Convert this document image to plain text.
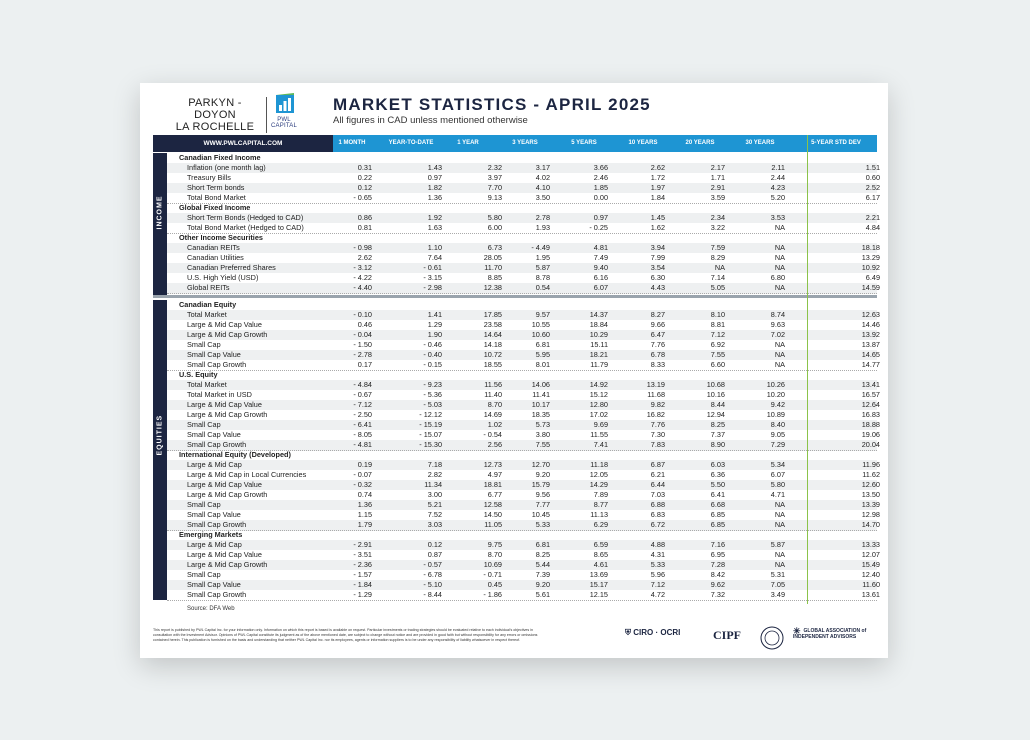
PARKYN - DOYON
LA ROCHELLE
PWL CAPITAL
MARKET STATISTICS - APRIL 2025
All figures in CAD unless mentioned otherwise
WWW.PWLCAPITAL.COM	1 MONTH	YEAR-TO-DATE	1 YEAR	3 YEARS	5 YEARS	10 YEARS	20 YEARS	30 YEARS	5-YEAR STD DEV
Canadian Fixed Income
Inflation (one month lag)	0.31	1.43	2.32	3.17	3.66	2.62	2.17	2.11	1.51
Treasury Bills	0.22	0.97	3.97	4.02	2.46	1.72	1.71	2.44	0.60
Short Term bonds	0.12	1.82	7.70	4.10	1.85	1.97	2.91	4.23	2.52
Total Bond Market	- 0.65	1.36	9.13	3.50	0.00	1.84	3.59	5.20	6.17
Global Fixed Income
Short Term Bonds (Hedged to CAD)	0.86	1.92	5.80	2.78	0.97	1.45	2.34	3.53	2.21
Total Bond Market (Hedged to CAD)	0.81	1.63	6.00	1.93	- 0.25	1.62	3.22	NA	4.84
Other Income Securities
Canadian REITs	- 0.98	1.10	6.73	- 4.49	4.81	3.94	7.59	NA	18.18
Canadian Utilities	2.62	7.64	28.05	1.95	7.49	7.99	8.29	NA	13.29
Canadian Preferred Shares	- 3.12	- 0.61	11.70	5.87	9.40	3.54	NA	NA	10.92
U.S. High Yield (USD)	- 4.22	- 3.15	8.85	8.78	6.16	6.30	7.14	6.80	6.49
Global REITs	- 4.40	- 2.98	12.38	0.54	6.07	4.43	5.05	NA	14.59
Canadian Equity
Total Market	- 0.10	1.41	17.85	9.57	14.37	8.27	8.10	8.74	12.63
Large & Mid Cap Value	0.46	1.29	23.58	10.55	18.84	9.66	8.81	9.63	14.46
Large & Mid Cap Growth	- 0.04	1.90	14.64	10.60	10.29	6.47	7.12	7.02	13.92
Small Cap	- 1.50	- 0.46	14.18	6.81	15.11	7.76	6.92	NA	13.87
Small Cap Value	- 2.78	- 0.40	10.72	5.95	18.21	6.78	7.55	NA	14.65
Small Cap Growth	0.17	- 0.15	18.55	8.01	11.79	8.33	6.60	NA	14.77
U.S. Equity
Total Market	- 4.84	- 9.23	11.56	14.06	14.92	13.19	10.68	10.26	13.41
Total Market in USD	- 0.67	- 5.36	11.40	11.41	15.12	11.68	10.16	10.20	16.57
Large & Mid Cap Value	- 7.12	- 5.03	8.70	10.17	12.80	9.82	8.44	9.42	12.64
Large & Mid Cap Growth	- 2.50	- 12.12	14.69	18.35	17.02	16.82	12.94	10.89	16.83
Small Cap	- 6.41	- 15.19	1.02	5.73	9.69	7.76	8.25	8.40	18.88
Small Cap Value	- 8.05	- 15.07	- 0.54	3.80	11.55	7.30	7.37	9.05	19.06
Small Cap Growth	- 4.81	- 15.30	2.56	7.55	7.41	7.83	8.90	7.29	20.04
International Equity (Developed)
Large & Mid Cap	0.19	7.18	12.73	12.70	11.18	6.87	6.03	5.34	11.96
Large & Mid Cap in Local Currencies	- 0.07	2.82	4.97	9.20	12.05	6.21	6.36	6.07	11.62
Large & Mid Cap Value	- 0.32	11.34	18.81	15.79	14.29	6.44	5.50	5.80	12.60
Large & Mid Cap Growth	0.74	3.00	6.77	9.56	7.89	7.03	6.41	4.71	13.50
Small Cap	1.36	5.21	12.58	7.77	8.77	6.88	6.68	NA	13.39
Small Cap Value	1.15	7.52	14.50	10.45	11.13	6.83	6.85	NA	12.98
Small Cap Growth	1.79	3.03	11.05	5.33	6.29	6.72	6.85	NA	14.70
Emerging Markets
Large & Mid Cap	- 2.91	0.12	9.75	6.81	6.59	4.88	7.16	5.87	13.33
Large & Mid Cap Value	- 3.51	0.87	8.70	8.25	8.65	4.31	6.95	NA	12.07
Large & Mid Cap Growth	- 2.36	- 0.57	10.69	5.44	4.61	5.33	7.28	NA	15.49
Small Cap	- 1.57	- 6.78	- 0.71	7.39	13.69	5.96	8.42	5.31	12.40
Small Cap Value	- 1.84	- 5.10	0.45	9.20	15.17	7.12	9.62	7.05	11.60
Small Cap Growth	- 1.29	- 8.44	- 1.86	5.61	12.15	4.72	7.32	3.49	13.61
INCOME
EQUITIES
Source: DFA Web
This report is published by PWL Capital Inc. for your information only. Information on which this report is based is available on request. Particular investments or trading strategies should be evaluated relative to each individual's objectives in consultation with the Investment Advisor. Opinions of PWL Capital constitute its judgment as of the above mentioned date, are subject to change without notice and are provided in good faith but without responsibility for any errors or omissions contained herein. This publication is furnished on the basis and understanding that neither PWL Capital Inc. nor its employees, agents or information suppliers is to be under any responsibility of liability whatsoever in respect thereof.
⛨ CIRO · OCRI	CIPF	✳ GLOBAL ASSOCIATION of
INDEPENDENT ADVISORS
